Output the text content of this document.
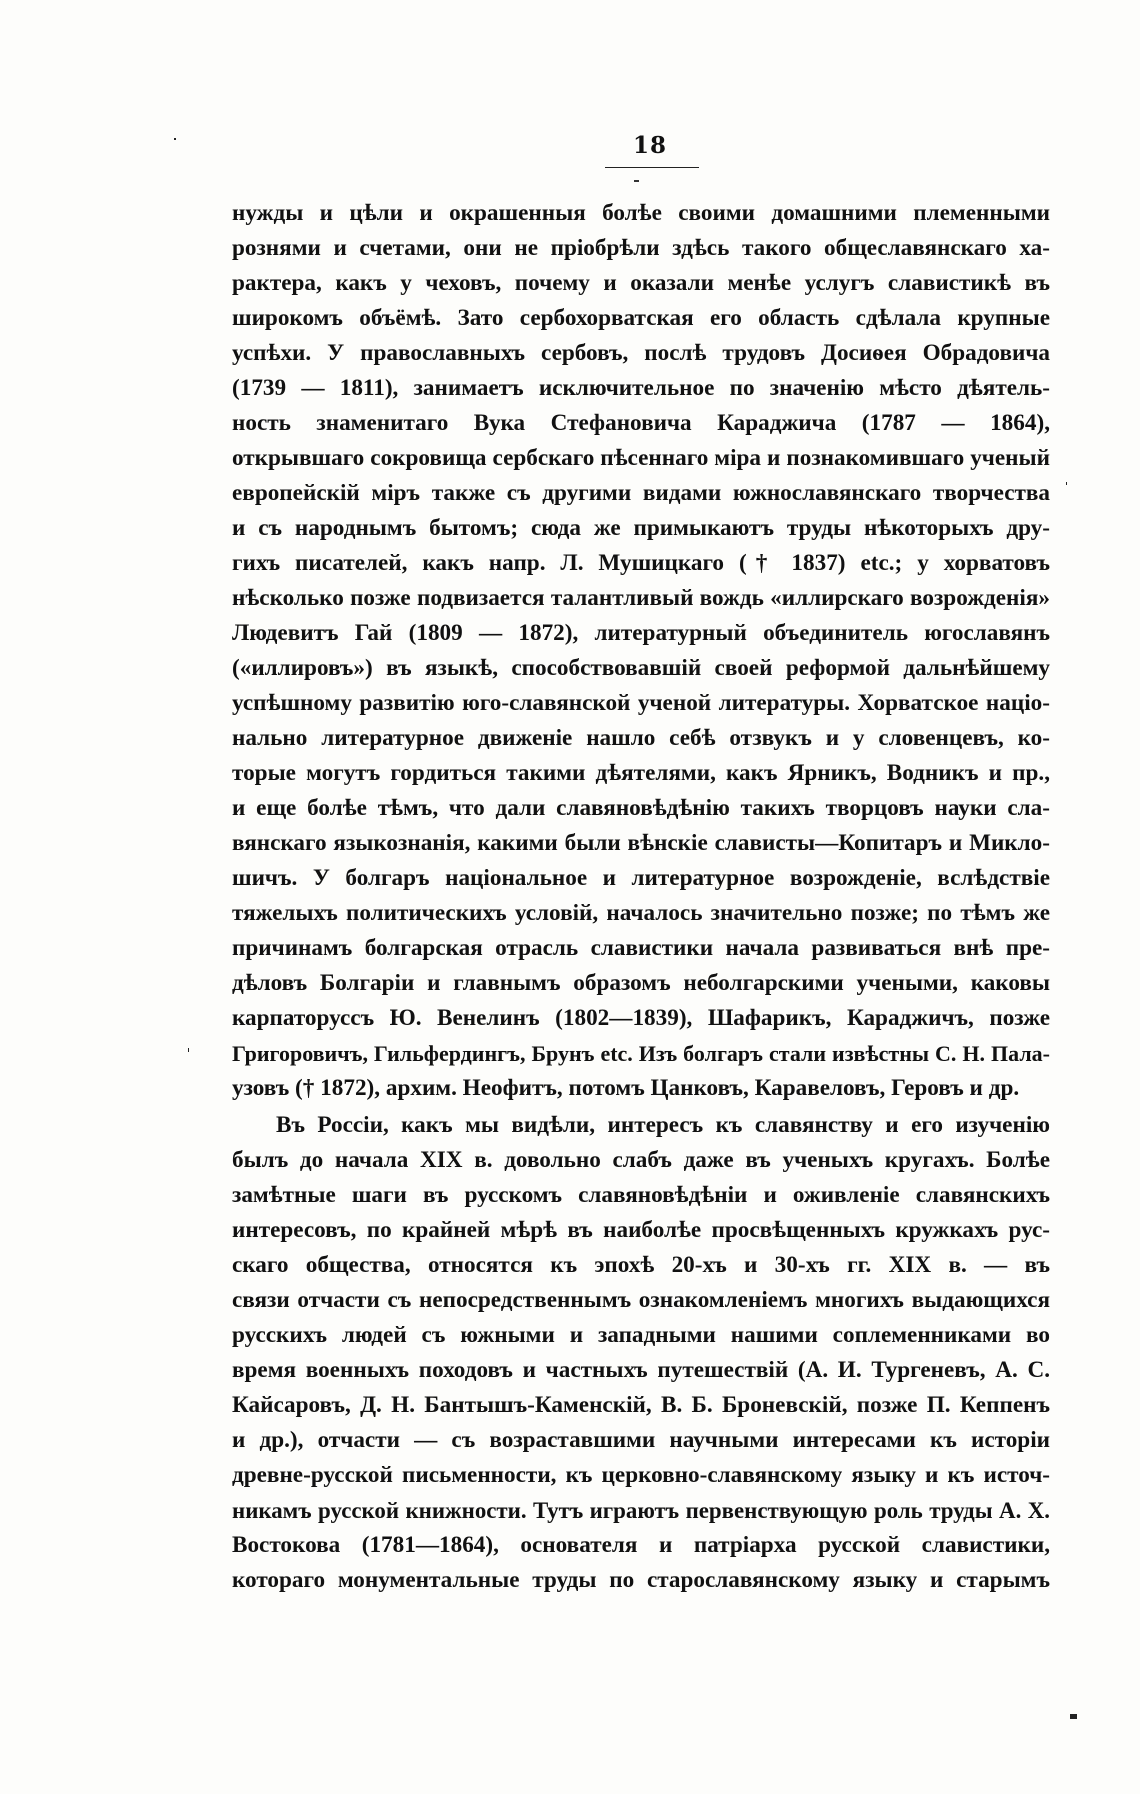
18
нужды и цѣли и окрашенныя болѣе своими домашними племенными
рознями и счетами, они не пріобрѣли здѣсь такого общеславянскаго ха-
рактера, какъ у чеховъ, почему и оказали менѣе услугъ славистикѣ въ
широкомъ объёмѣ. Зато сербохорватская его область сдѣлала крупные
успѣхи. У православныхъ сербовъ, послѣ трудовъ Досиѳея Обрадовича
(1739 — 1811), занимаетъ исключительное по значенію мѣсто дѣятель-
ность знаменитаго Вука Стефановича Караджича (1787 — 1864),
открывшаго сокровища сербскаго пѣсеннаго міра и познакомившаго ученый
европейскій міръ также съ другими видами южнославянскаго творчества
и съ народнымъ бытомъ; сюда же примыкаютъ труды нѣкоторыхъ дру-
гихъ писателей, какъ напр. Л. Мушицкаго († 1837) etc.; у хорватовъ
нѣсколько позже подвизается талантливый вождь «иллирскаго возрожденія»
Людевитъ Гай (1809 — 1872), литературный объединитель югославянъ
(«иллировъ») въ языкѣ, способствовавшій своей реформой дальнѣйшему
успѣшному развитію юго-славянской ученой литературы. Хорватское націо-
нально литературное движеніе нашло себѣ отзвукъ и у словенцевъ, ко-
торые могутъ гордиться такими дѣятелями, какъ Ярникъ, Водникъ и пр.,
и еще болѣе тѣмъ, что дали славяновѣдѣнію такихъ творцовъ науки сла-
вянскаго языкознанія, какими были вѣнскіе слависты—Копитаръ и Миклo-
шичъ. У болгаръ національное и литературное возрожденіе, вслѣдствіе
тяжелыхъ политическихъ условій, началось значительно позже; по тѣмъ же
причинамъ болгарская отрасль славистики начала развиваться внѣ пре-
дѣловъ Болгаріи и главнымъ образомъ неболгарскими учеными, каковы
карпаторуссъ Ю. Венелинъ (1802—1839), Шафарикъ, Караджичъ, позже
Григоровичъ, Гильфердингъ, Брунъ etc. Изъ болгаръ стали извѣстны С. Н. Пала-
узовъ († 1872), архим. Неофитъ, потомъ Цанковъ, Каравеловъ, Геровъ и др.
Въ Россіи, какъ мы видѣли, интересъ къ славянству и его изученію
былъ до начала XIX в. довольно слабъ даже въ ученыхъ кругахъ. Болѣе
замѣтные шаги въ русскомъ славяновѣдѣніи и оживленіе славянскихъ
интересовъ, по крайней мѣрѣ въ наиболѣе просвѣщенныхъ кружкахъ рус-
скаго общества, относятся къ эпохѣ 20-хъ и 30-хъ гг. XIX в. — въ
связи отчасти съ непосредственнымъ ознакомленіемъ многихъ выдающихся
русскихъ людей съ южными и западными нашими соплеменниками во
время военныхъ походовъ и частныхъ путешествій (А. И. Тургеневъ, А. С.
Кайсаровъ, Д. Н. Бантышъ-Каменскій, В. Б. Броневскій, позже П. Кеппенъ
и др.), отчасти — съ возраставшими научными интересами къ исторіи
древне-русской письменности, къ церковно-славянскому языку и къ источ-
никамъ русской книжности. Тутъ играютъ первенствующую роль труды А. Х.
Востокова (1781—1864), основателя и патріарха русской славистики,
котораго монументальные труды по старославянскому языку и старымъ
